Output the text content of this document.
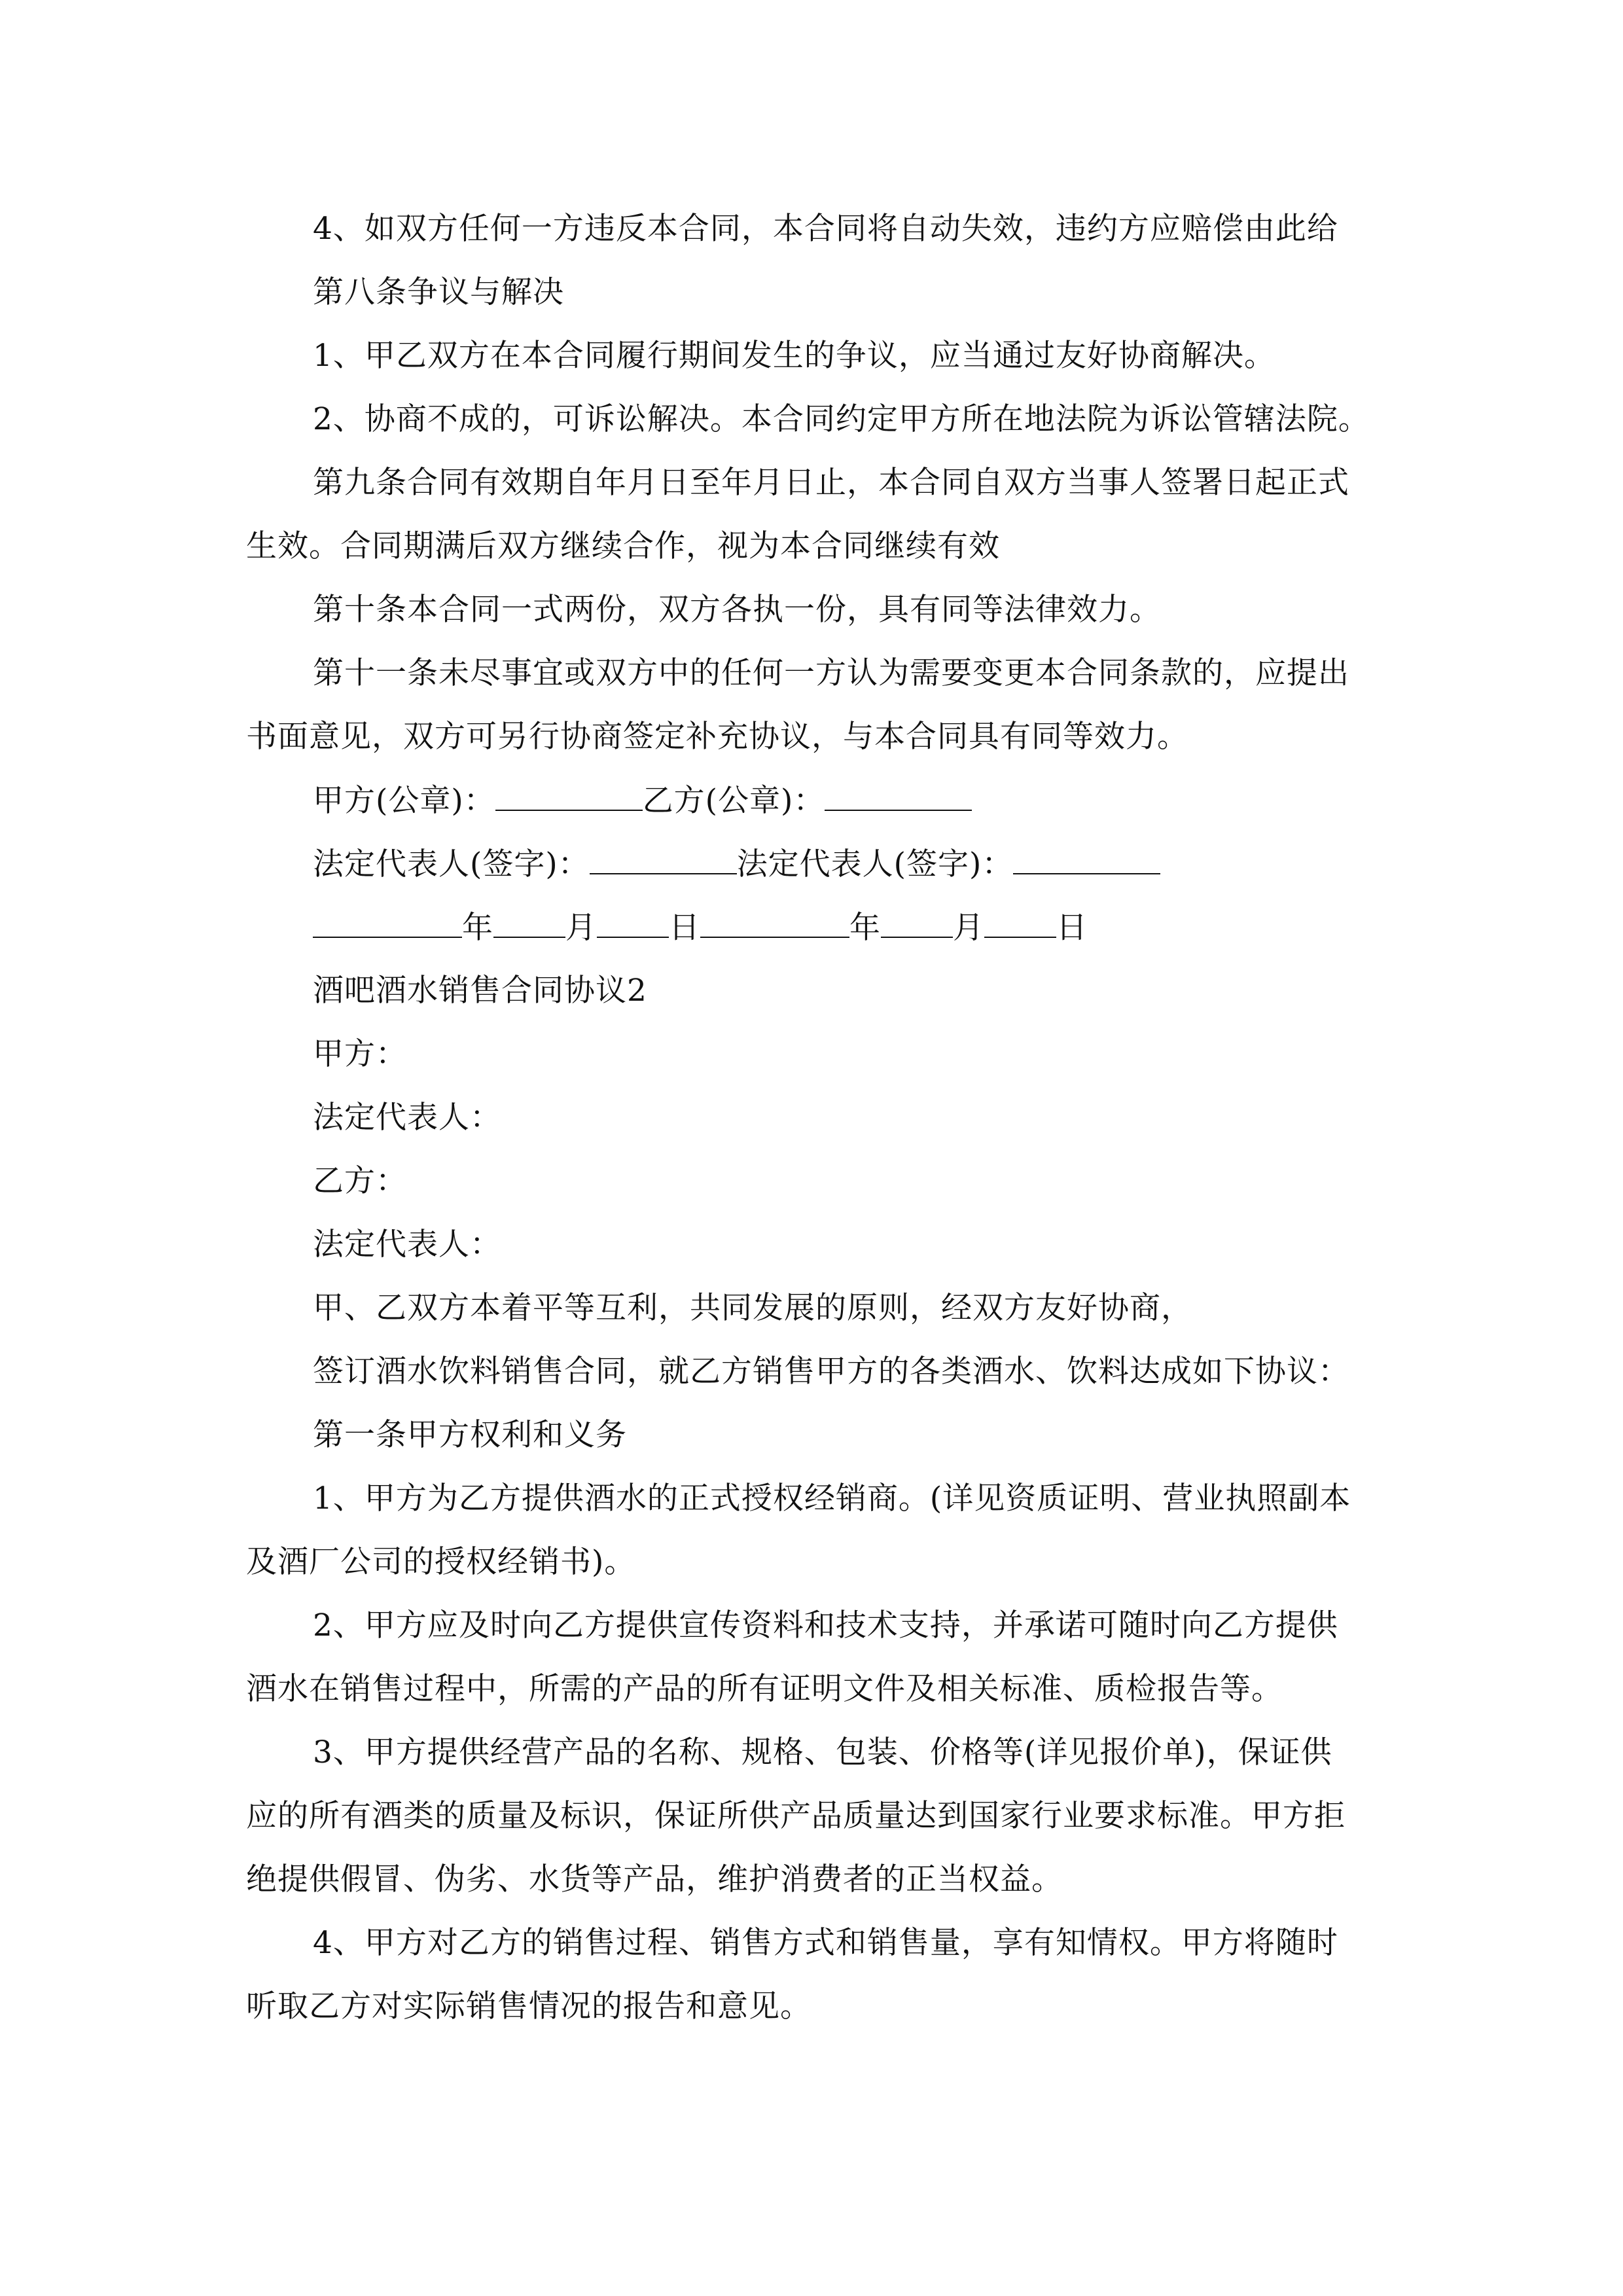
4、如双方任何一方违反本合同，本合同将自动失效，违约方应赔偿由此给
第八条争议与解决
1、甲乙双方在本合同履行期间发生的争议，应当通过友好协商解决。
2、协商不成的，可诉讼解决。本合同约定甲方所在地法院为诉讼管辖法院。
第九条合同有效期自年月日至年月日止，本合同自双方当事人签署日起正式
生效。合同期满后双方继续合作，视为本合同继续有效
第十条本合同一式两份，双方各执一份，具有同等法律效力。
第十一条未尽事宜或双方中的任何一方认为需要变更本合同条款的，应提出
书面意见，双方可另行协商签定补充协议，与本合同具有同等效力。
甲方(公章)：	乙方(公章)：
法定代表人(签字)：	法定代表人(签字)：
年 月 日	年 月 日
酒吧酒水销售合同协议2
甲方：
法定代表人：
乙方：
法定代表人：
甲、乙双方本着平等互利，共同发展的原则，经双方友好协商，
签订酒水饮料销售合同，就乙方销售甲方的各类酒水、饮料达成如下协议：
第一条甲方权利和义务
1、甲方为乙方提供酒水的正式授权经销商。(详见资质证明、营业执照副本
及酒厂公司的授权经销书)。
2、甲方应及时向乙方提供宣传资料和技术支持，并承诺可随时向乙方提供
酒水在销售过程中，所需的产品的所有证明文件及相关标准、质检报告等。
3、甲方提供经营产品的名称、规格、包装、价格等(详见报价单)，保证供
应的所有酒类的质量及标识，保证所供产品质量达到国家行业要求标准。甲方拒
绝提供假冒、伪劣、水货等产品，维护消费者的正当权益。
4、甲方对乙方的销售过程、销售方式和销售量，享有知情权。甲方将随时
听取乙方对实际销售情况的报告和意见。
